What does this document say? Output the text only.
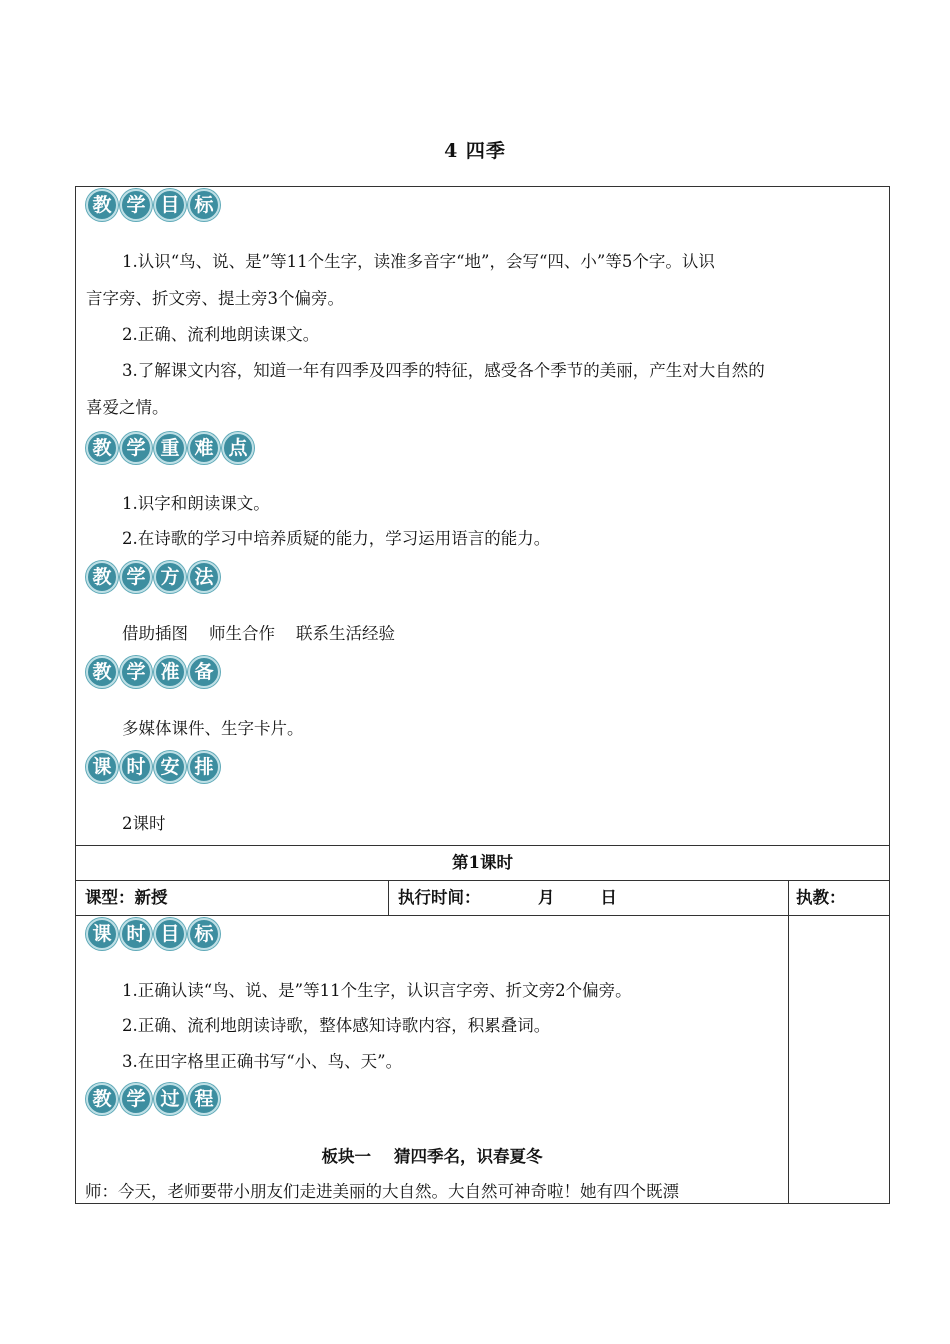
4 四季
教 学 目 标
1.认识“鸟、说、是”等11个生字，读准多音字“地”，会写“四、小”等5个字。认识
言字旁、折文旁、提土旁3个偏旁。
2.正确、流利地朗读课文。
3.了解课文内容，知道一年有四季及四季的特征，感受各个季节的美丽，产生对大自然的
喜爱之情。
教 学 重 难 点
1.识字和朗读课文。
2.在诗歌的学习中培养质疑的能力，学习运用语言的能力。
教 学 方 法
借助插图    师生合作    联系生活经验
教 学 准 备
多媒体课件、生字卡片。
课 时 安 排
2课时
第1课时
课型：新授	执行时间：          月        日	执教：
课 时 目 标
1.正确认读“鸟、说、是”等11个生字，认识言字旁、折文旁2个偏旁。
2.正确、流利地朗读诗歌，整体感知诗歌内容，积累叠词。
3.在田字格里正确书写“小、鸟、天”。
教 学 过 程
板块一    猜四季名，识春夏冬
师：今天，老师要带小朋友们走进美丽的大自然。大自然可神奇啦！她有四个既漂
